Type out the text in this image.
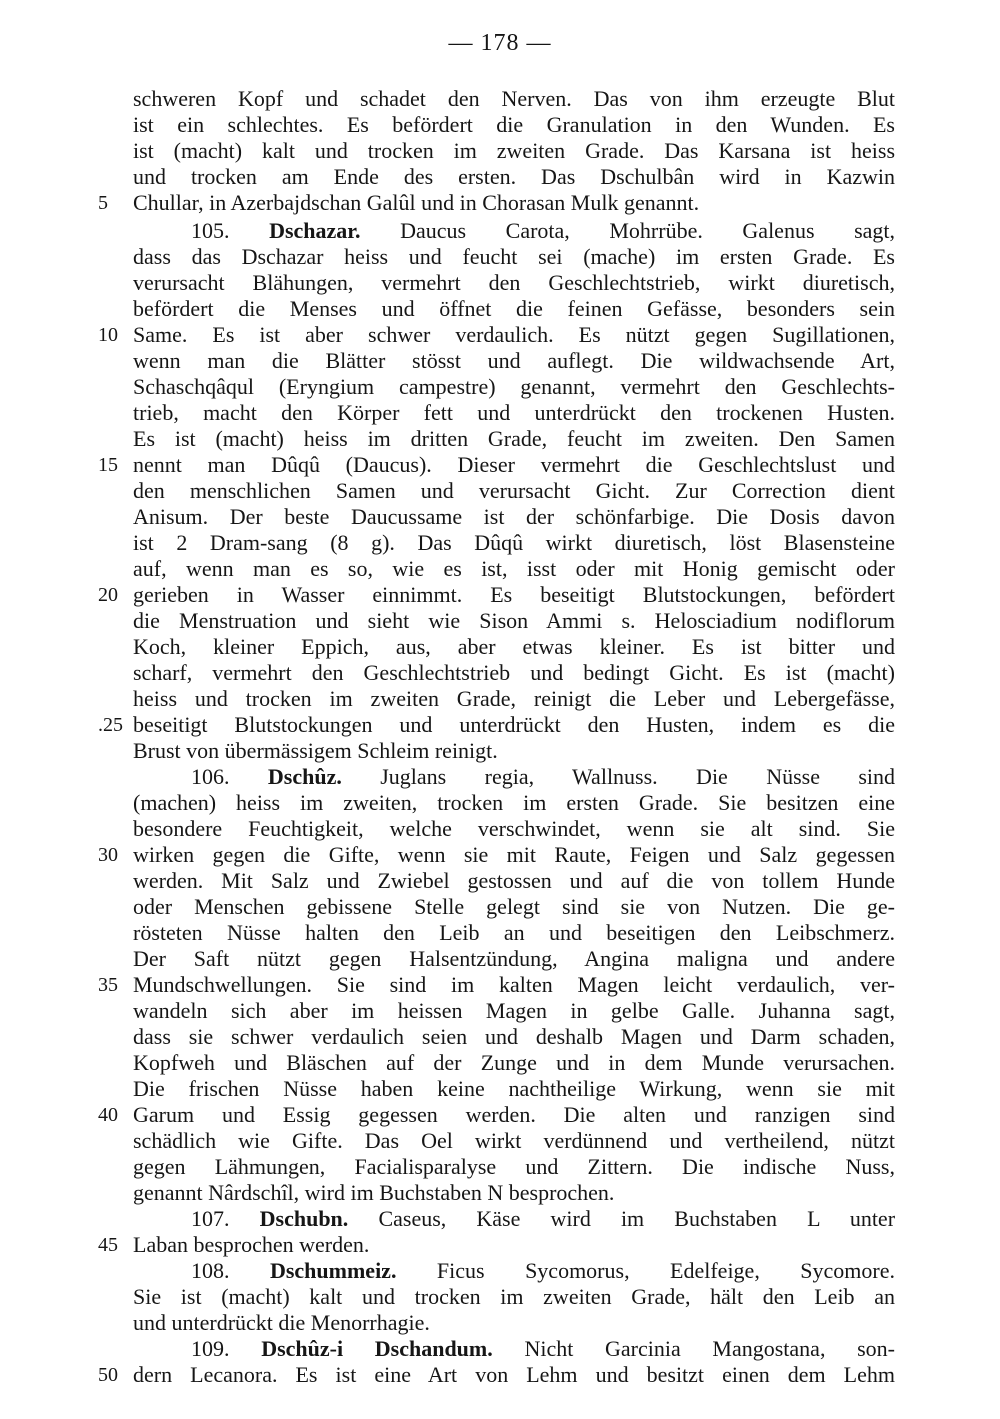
— 178 —
schweren Kopf und schadet den Nerven. Das von ihm erzeugte Blut
ist ein schlechtes. Es befördert die Granulation in den Wunden. Es
ist (macht) kalt und trocken im zweiten Grade. Das Karsana ist heiss
und trocken am Ende des ersten. Das Dschulbân wird in Kazwin
Chullar, in Azerbajdschan Galûl und in Chorasan Mulk genannt.
105. Dschazar. Daucus Carota, Mohrrübe. Galenus sagt,
dass das Dschazar heiss und feucht sei (mache) im ersten Grade. Es
verursacht Blähungen, vermehrt den Geschlechtstrieb, wirkt diuretisch,
befördert die Menses und öffnet die feinen Gefässe, besonders sein
Same. Es ist aber schwer verdaulich. Es nützt gegen Sugillationen,
wenn man die Blätter stösst und auflegt. Die wildwachsende Art,
Schaschqâqul (Eryngium campestre) genannt, vermehrt den Geschlechts-
trieb, macht den Körper fett und unterdrückt den trockenen Husten.
Es ist (macht) heiss im dritten Grade, feucht im zweiten. Den Samen
nennt man Dûqû (Daucus). Dieser vermehrt die Geschlechtslust und
den menschlichen Samen und verursacht Gicht. Zur Correction dient
Anisum. Der beste Daucussame ist der schönfarbige. Die Dosis davon
ist 2 Dram-sang (8 g). Das Dûqû wirkt diuretisch, löst Blasensteine
auf, wenn man es so, wie es ist, isst oder mit Honig gemischt oder
gerieben in Wasser einnimmt. Es beseitigt Blutstockungen, befördert
die Menstruation und sieht wie Sison Ammi s. Helosciadium nodiflorum
Koch, kleiner Eppich, aus, aber etwas kleiner. Es ist bitter und
scharf, vermehrt den Geschlechtstrieb und bedingt Gicht. Es ist (macht)
heiss und trocken im zweiten Grade, reinigt die Leber und Lebergefässe,
beseitigt Blutstockungen und unterdrückt den Husten, indem es die
Brust von übermässigem Schleim reinigt.
106. Dschûz. Juglans regia, Wallnuss. Die Nüsse sind
(machen) heiss im zweiten, trocken im ersten Grade. Sie besitzen eine
besondere Feuchtigkeit, welche verschwindet, wenn sie alt sind. Sie
wirken gegen die Gifte, wenn sie mit Raute, Feigen und Salz gegessen
werden. Mit Salz und Zwiebel gestossen und auf die von tollem Hunde
oder Menschen gebissene Stelle gelegt sind sie von Nutzen. Die ge-
rösteten Nüsse halten den Leib an und beseitigen den Leibschmerz.
Der Saft nützt gegen Halsentzündung, Angina maligna und andere
Mundschwellungen. Sie sind im kalten Magen leicht verdaulich, ver-
wandeln sich aber im heissen Magen in gelbe Galle. Juhanna sagt,
dass sie schwer verdaulich seien und deshalb Magen und Darm schaden,
Kopfweh und Bläschen auf der Zunge und in dem Munde verursachen.
Die frischen Nüsse haben keine nachtheilige Wirkung, wenn sie mit
Garum und Essig gegessen werden. Die alten und ranzigen sind
schädlich wie Gifte. Das Oel wirkt verdünnend und vertheilend, nützt
gegen Lähmungen, Facialisparalyse und Zittern. Die indische Nuss,
genannt Nârdschîl, wird im Buchstaben N besprochen.
107. Dschubn. Caseus, Käse wird im Buchstaben L unter
Laban besprochen werden.
108. Dschummeiz. Ficus Sycomorus, Edelfeige, Sycomore.
Sie ist (macht) kalt und trocken im zweiten Grade, hält den Leib an
und unterdrückt die Menorrhagie.
109. Dschûz-i Dschandum. Nicht Garcinia Mangostana, son-
dern Lecanora. Es ist eine Art von Lehm und besitzt einen dem Lehm
5
10
15
20
.25
30
35
40
45
50
